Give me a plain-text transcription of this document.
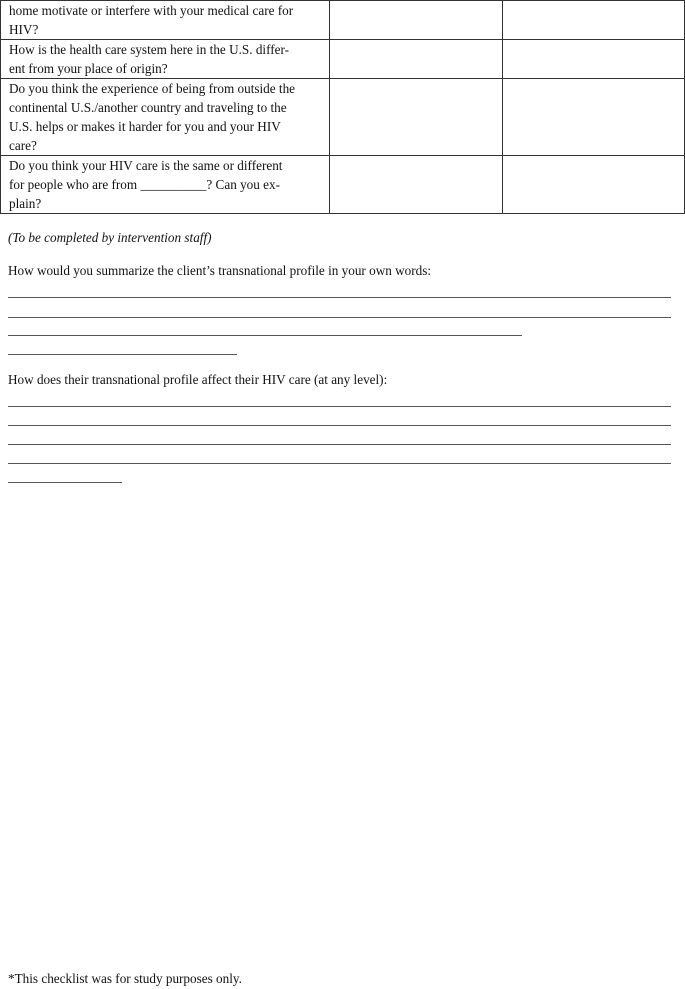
home motivate or interfere with your medical care for
HIV?		

How is the health care system here in the U.S. differ-
ent from your place of origin?		

Do you think the experience of being from outside the
continental U.S./another country and traveling to the
U.S. helps or makes it harder for you and your HIV
care?		

Do you think your HIV care is the same or different
for people who are from __________? Can you ex-
plain?		

(To be completed by intervention staff)
How would you summarize the client’s transnational profile in your own words:
How does their transnational profile affect their HIV care (at any level):
*This checklist was for study purposes only.
